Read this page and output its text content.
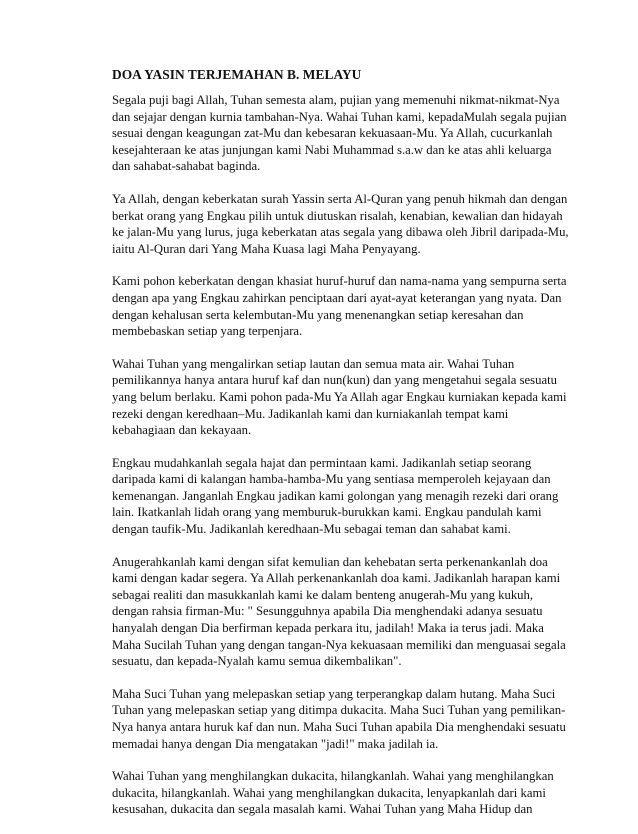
DOA YASIN TERJEMAHAN B. MELAYU

Segala puji bagi Allah, Tuhan semesta alam, pujian yang memenuhi nikmat-nikmat-Nya dan sejajar dengan kurnia tambahan-Nya. Wahai Tuhan kami, kepadaMulah segala pujian sesuai dengan keagungan zat-Mu dan kebesaran kekuasaan-Mu. Ya Allah, cucurkanlah kesejahteraan ke atas junjungan kami Nabi Muhammad s.a.w dan ke atas ahli keluarga dan sahabat-sahabat baginda.

Ya Allah, dengan keberkatan surah Yassin serta Al-Quran yang penuh hikmah dan dengan berkat orang yang Engkau pilih untuk diutuskan risalah, kenabian, kewalian dan hidayah ke jalan-Mu yang lurus, juga keberkatan atas segala yang dibawa oleh Jibril daripada-Mu, iaitu Al-Quran dari Yang Maha Kuasa lagi Maha Penyayang.

Kami pohon keberkatan dengan khasiat huruf-huruf dan nama-nama yang sempurna serta dengan apa yang Engkau zahirkan penciptaan dari ayat-ayat keterangan yang nyata. Dan dengan kehalusan serta kelembutan-Mu yang menenangkan setiap keresahan dan membebaskan setiap yang terpenjara.

Wahai Tuhan yang mengalirkan setiap lautan dan semua mata air. Wahai Tuhan pemilikannya hanya antara huruf kaf dan nun(kun) dan yang mengetahui segala sesuatu yang belum berlaku. Kami pohon pada-Mu Ya Allah agar Engkau kurniakan kepada kami rezeki dengan keredhaan–Mu. Jadikanlah kami dan kurniakanlah tempat kami kebahagiaan dan kekayaan.

Engkau mudahkanlah segala hajat dan permintaan kami. Jadikanlah setiap seorang daripada kami di kalangan hamba-hamba-Mu yang sentiasa memperoleh kejayaan dan kemenangan. Janganlah Engkau jadikan kami golongan yang menagih rezeki dari orang lain. Ikatkanlah lidah orang yang memburuk-burukkan kami. Engkau pandulah kami dengan taufik-Mu. Jadikanlah keredhaan-Mu sebagai teman dan sahabat kami.

Anugerahkanlah kami dengan sifat kemulian dan kehebatan serta perkenankanlah doa kami dengan kadar segera. Ya Allah perkenankanlah doa kami. Jadikanlah harapan kami sebagai realiti dan masukkanlah kami ke dalam benteng anugerah-Mu yang kukuh, dengan rahsia firman-Mu: " Sesungguhnya apabila Dia menghendaki adanya sesuatu hanyalah dengan Dia berfirman kepada perkara itu, jadilah! Maka ia terus jadi. Maka Maha Sucilah Tuhan yang dengan tangan-Nya kekuasaan memiliki dan menguasai segala sesuatu, dan kepada-Nyalah kamu semua dikembalikan".

Maha Suci Tuhan yang melepaskan setiap yang terperangkap dalam hutang. Maha Suci Tuhan yang melepaskan setiap yang ditimpa dukacita. Maha Suci Tuhan yang pemilikan-Nya hanya antara huruk kaf dan nun. Maha Suci Tuhan apabila Dia menghendaki sesuatu memadai hanya dengan Dia mengatakan "jadi!" maka jadilah ia.

Wahai Tuhan yang menghilangkan dukacita, hilangkanlah. Wahai yang menghilangkan dukacita, hilangkanlah. Wahai yang menghilangkan dukacita, lenyapkanlah dari kami kesusahan, dukacita dan segala masalah kami. Wahai Tuhan yang Maha Hidup dan
